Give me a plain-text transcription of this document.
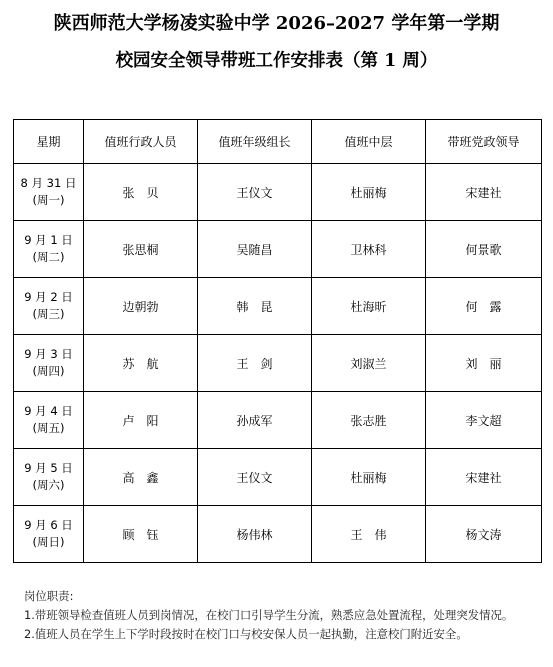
陕西师范大学杨凌实验中学 2026–2027 学年第一学期
校园安全领导带班工作安排表（第 1 周）
星期	值班行政人员	值班年级组长	值班中层	带班党政领导

8 月 31 日
(周一)	张　贝	王仪文	杜丽梅	宋建社

9 月 1 日
(周二)	张思桐	吴随昌	卫林科	何景歌

9 月 2 日
(周三)	边朝勃	韩　昆	杜海昕	何　露

9 月 3 日
(周四)	苏　航	王　剑	刘淑兰	刘　丽

9 月 4 日
(周五)	卢　阳	孙成军	张志胜	李文超

9 月 5 日
(周六)	高　鑫	王仪文	杜丽梅	宋建社

9 月 6 日
(周日)	顾　钰	杨伟林	王　伟	杨文涛

岗位职责:

1.带班领导检查值班人员到岗情况，在校门口引导学生分流，熟悉应急处置流程，处理突发情况。

2.值班人员在学生上下学时段按时在校门口与校安保人员一起执勤，注意校门附近安全。
